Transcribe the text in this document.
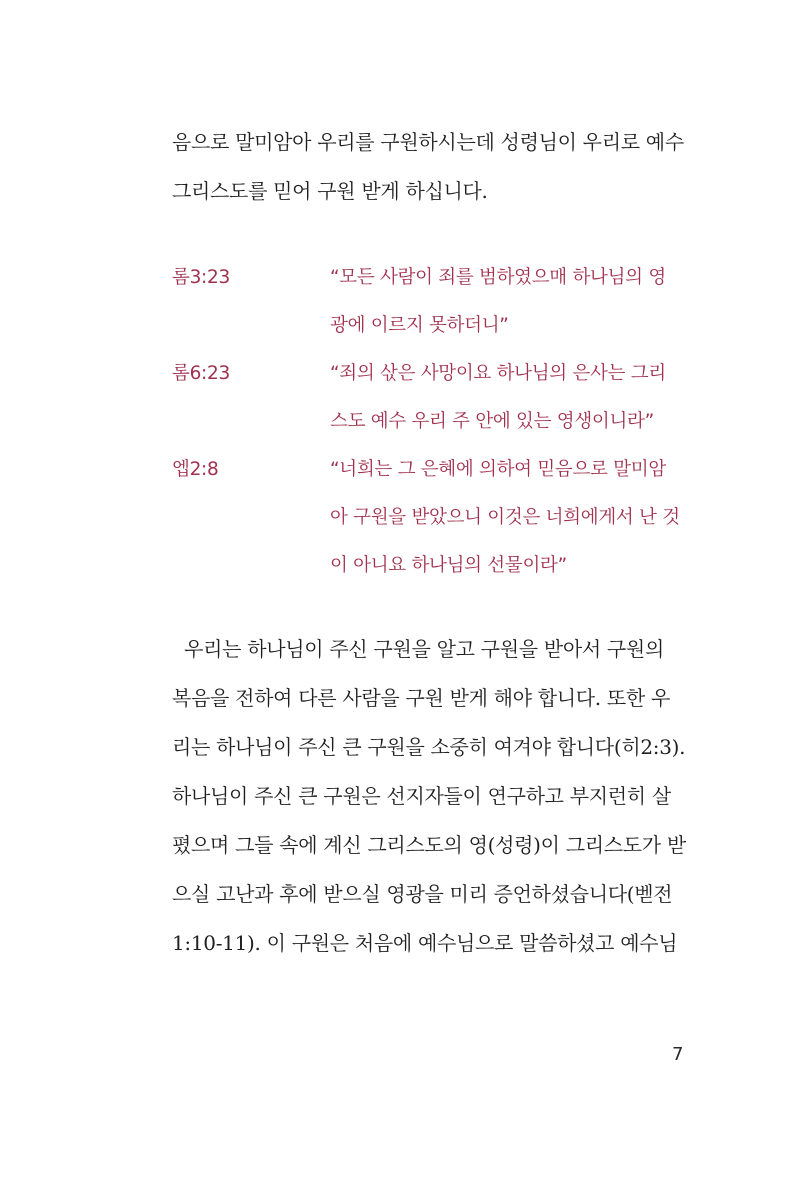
음으로 말미암아 우리를 구원하시는데 성령님이 우리로 예수
그리스도를 믿어 구원 받게 하십니다.
롬3:23	“모든 사람이 죄를 범하였으매 하나님의 영
광에 이르지 못하더니”
롬6:23	“죄의 삯은 사망이요 하나님의 은사는 그리
스도 예수 우리 주 안에 있는 영생이니라”
엡2:8	“너희는 그 은혜에 의하여 믿음으로 말미암
아 구원을 받았으니 이것은 너희에게서 난 것
이 아니요 하나님의 선물이라”
우리는 하나님이 주신 구원을 알고 구원을 받아서 구원의
복음을 전하여 다른 사람을 구원 받게 해야 합니다. 또한 우
리는 하나님이 주신 큰 구원을 소중히 여겨야 합니다(히2:3).
하나님이 주신 큰 구원은 선지자들이 연구하고 부지런히 살
폈으며 그들 속에 계신 그리스도의 영(성령)이 그리스도가 받
으실 고난과 후에 받으실 영광을 미리 증언하셨습니다(벧전
1:10-11). 이 구원은 처음에 예수님으로 말씀하셨고 예수님
7
